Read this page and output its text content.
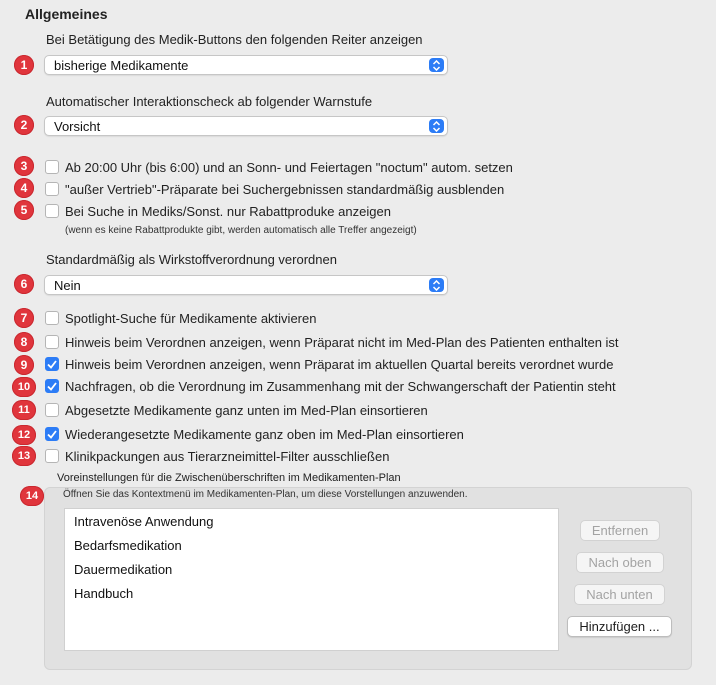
Allgemeines
Bei Betätigung des Medik-Buttons den folgenden Reiter anzeigen
1	bisherige Medikamente
Automatischer Interaktionscheck ab folgender Warnstufe
2	Vorsicht
3	Ab 20:00 Uhr (bis 6:00) und an Sonn- und Feiertagen "noctum" autom. setzen
4	"außer Vertrieb"-Präparate bei Suchergebnissen standardmäßig ausblenden
5	Bei Suche in Mediks/Sonst. nur Rabattproduke anzeigen
(wenn es keine Rabattprodukte gibt, werden automatisch alle Treffer angezeigt)
Standardmäßig als Wirkstoffverordnung verordnen
6	Nein
7	Spotlight-Suche für Medikamente aktivieren
8	Hinweis beim Verordnen anzeigen, wenn Präparat nicht im Med-Plan des Patienten enthalten ist
9	Hinweis beim Verordnen anzeigen, wenn Präparat im aktuellen Quartal bereits verordnet wurde
10	Nachfragen, ob die Verordnung im Zusammenhang mit der Schwangerschaft der Patientin steht
11	Abgesetzte Medikamente ganz unten im Med-Plan einsortieren
12	Wiederangesetzte Medikamente ganz oben im Med-Plan einsortieren
13	Klinikpackungen aus Tierarzneimittel-Filter ausschließen
Voreinstellungen für die Zwischenüberschriften im Medikamenten-Plan
14	Öffnen Sie das Kontextmenü im Medikamenten-Plan, um diese Vorstellungen anzuwenden.
Intravenöse Anwendung
Bedarfsmedikation
Dauermedikation
Handbuch
Entfernen
Nach oben
Nach unten
Hinzufügen ...
